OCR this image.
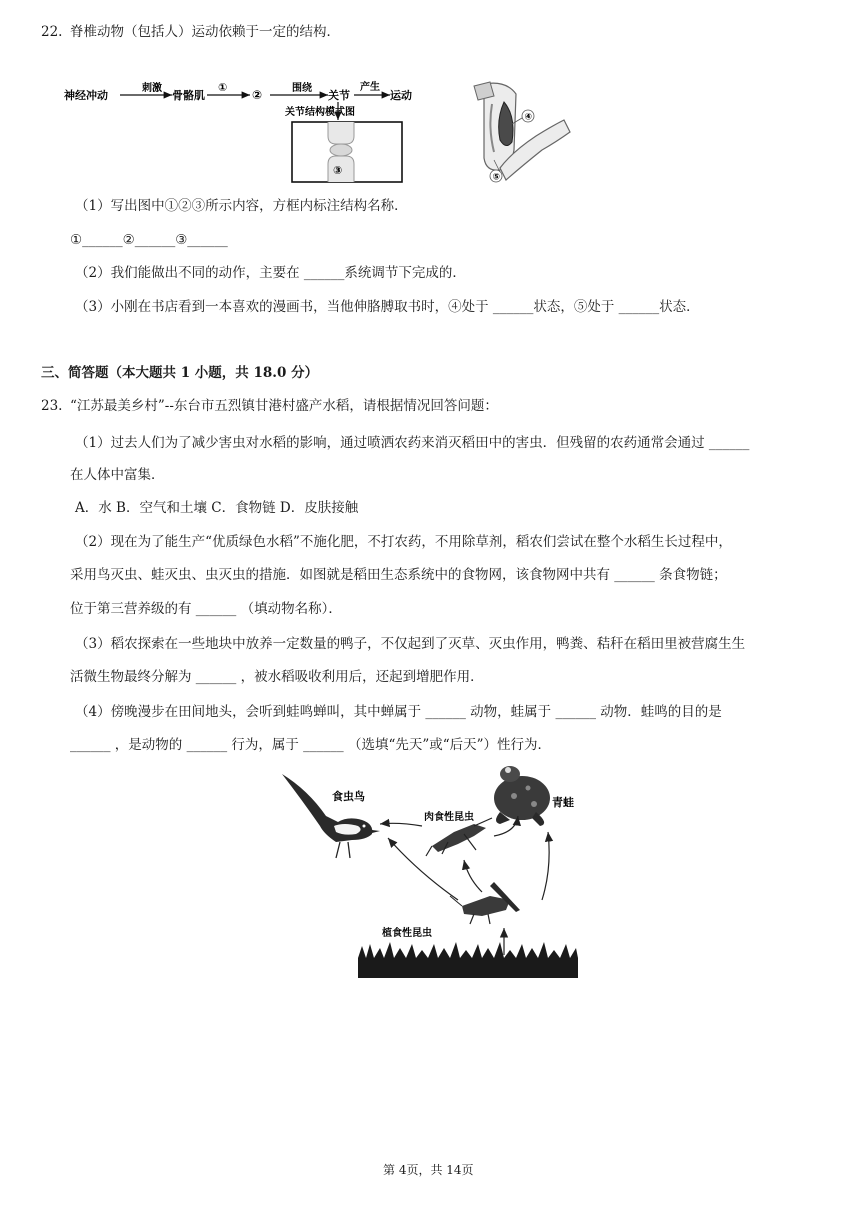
22. 脊椎动物（包括人）运动依赖于一定的结构．
神经冲动
刺激
骨骼肌
①
②	围绕
关节
产生
运动
关节结构模式图
③
④
⑤
（1）写出图中①②③所示内容，方框内标注结构名称．
①______②______③______
（2）我们能做出不同的动作，主要在 ______系统调节下完成的．
（3）小刚在书店看到一本喜欢的漫画书，当他伸胳膊取书时，④处于 ______状态，⑤处于 ______状态．
三、简答题（本大题共 1 小题，共 18.0 分）
23. “江苏最美乡村”--东台市五烈镇甘港村盛产水稻，请根据情况回答问题：
（1）过去人们为了减少害虫对水稻的影响，通过喷洒农药来消灭稻田中的害虫．但残留的农药通常会通过 ______
在人体中富集．
A．水 B．空气和土壤 C．食物链 D．皮肤接触
（2）现在为了能生产“优质绿色水稻”不施化肥，不打农药，不用除草剂，稻农们尝试在整个水稻生长过程中，
采用鸟灭虫、蛙灭虫、虫灭虫的措施．如图就是稻田生态系统中的食物网，该食物网中共有 ______ 条食物链；
位于第三营养级的有 ______ （填动物名称）．
（3）稻农探索在一些地块中放养一定数量的鸭子，不仅起到了灭草、灭虫作用，鸭粪、秸秆在稻田里被营腐生生
活微生物最终分解为 ______ ，被水稻吸收利用后，还起到增肥作用．
（4）傍晚漫步在田间地头，会听到蛙鸣蝉叫，其中蝉属于 ______ 动物，蛙属于 ______ 动物．蛙鸣的目的是
______ ，是动物的 ______ 行为，属于 ______ （选填“先天”或“后天”）性行为．
食虫鸟	青蛙
肉食性昆虫
植食性昆虫
第 4页，共 14页
